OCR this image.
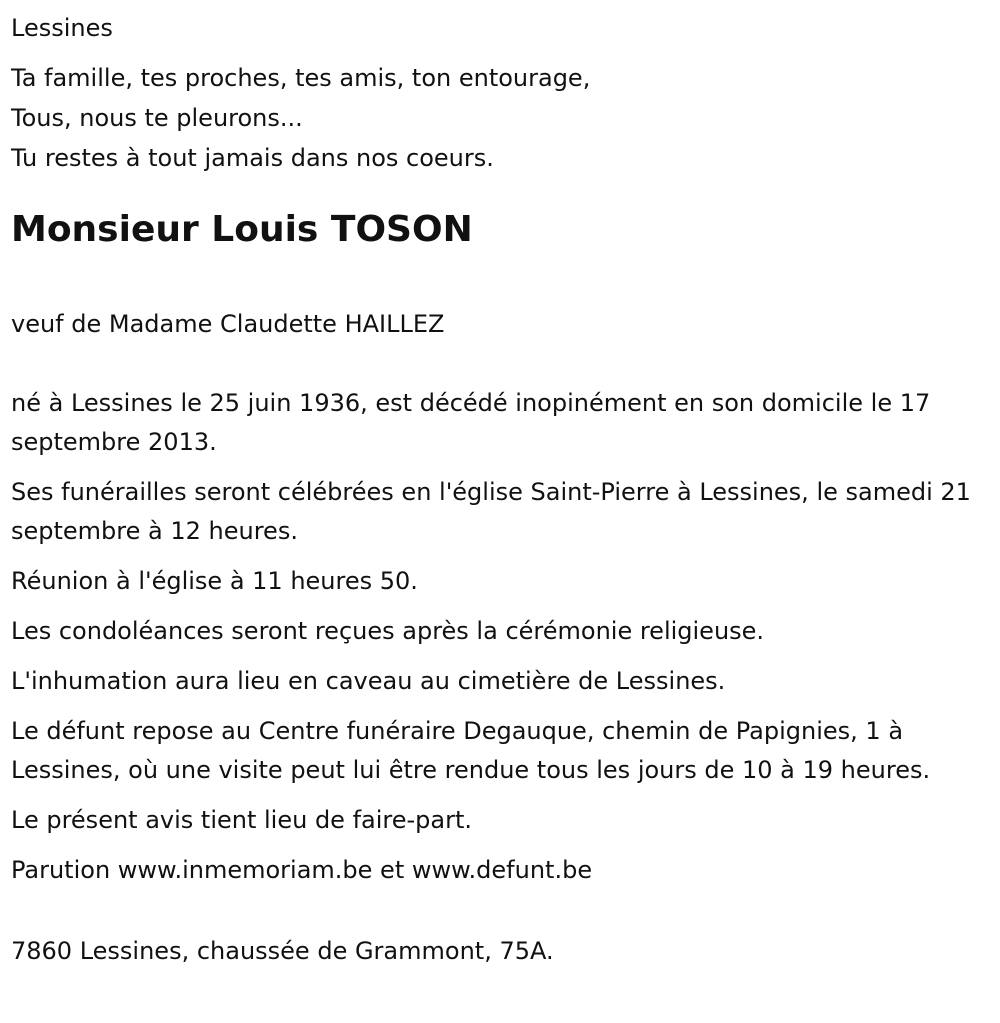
Lessines

Ta famille, tes proches, tes amis, ton entourage,

Tous, nous te pleurons...

Tu restes à tout jamais dans nos coeurs.

Monsieur Louis TOSON

veuf de Madame Claudette HAILLEZ

né à Lessines le 25 juin 1936, est décédé inopinément en son domicile le 17 septembre 2013.

Ses funérailles seront célébrées en l'église Saint-Pierre à Lessines, le samedi 21 septembre à 12 heures.

Réunion à l'église à 11 heures 50.

Les condoléances seront reçues après la cérémonie religieuse.

L'inhumation aura lieu en caveau au cimetière de Lessines.

Le défunt repose au Centre funéraire Degauque, chemin de Papignies, 1 à Lessines, où une visite peut lui être rendue tous les jours de 10 à 19 heures.

Le présent avis tient lieu de faire-part.

Parution www.inmemoriam.be et www.defunt.be

7860 Lessines, chaussée de Grammont, 75A.
